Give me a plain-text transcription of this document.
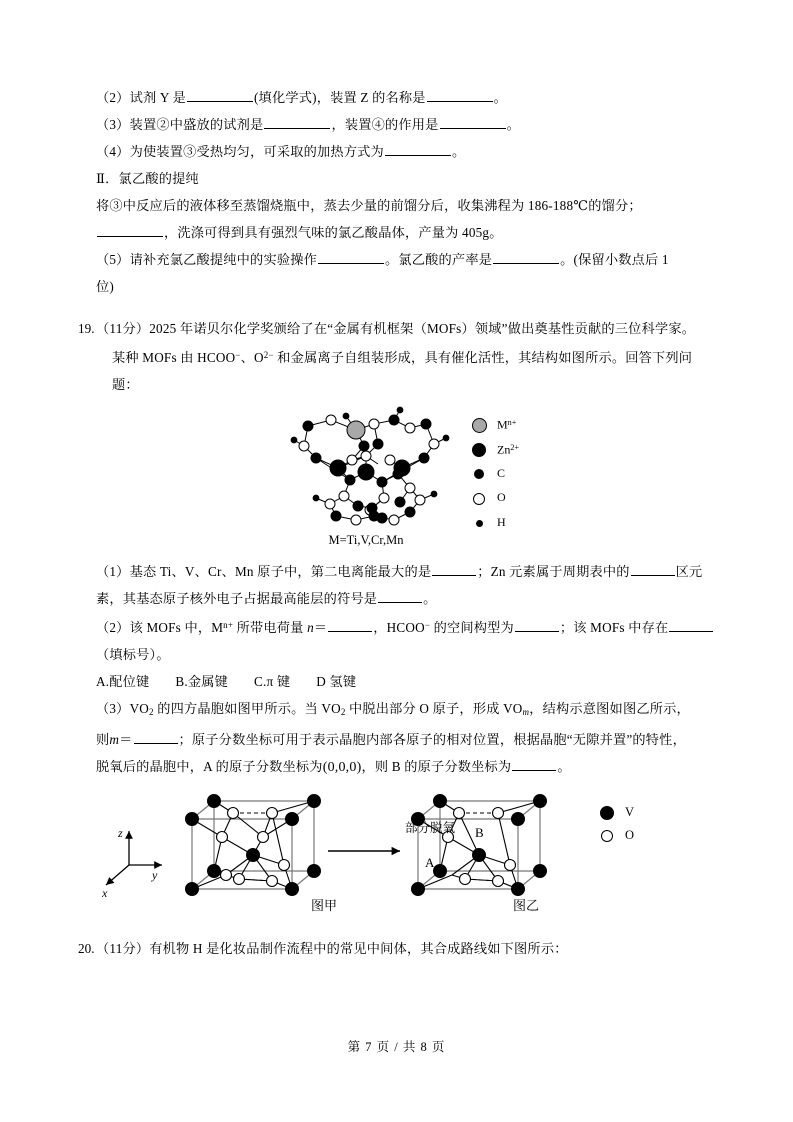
（2）试剂 Y 是	(填化学式)，装置 Z 的名称是	。

（3）装置②中盛放的试剂是	，装置④的作用是	。

（4）为使装置③受热均匀，可采取的加热方式为	。

Ⅱ．氯乙酸的提纯

将③中反应后的液体移至蒸馏烧瓶中，蒸去少量的前馏分后，收集沸程为 186-188℃的馏分；

，洗涤可得到具有强烈气味的氯乙酸晶体，产量为 405g。

（5）请补充氯乙酸提纯中的实验操作	。氯乙酸的产率是	。(保留小数点后 1

位)

19. （11分）2025 年诺贝尔化学奖颁给了在“金属有机框架（MOFs）领域”做出奠基性贡献的三位科学家。

某种 MOFs 由 HCOO−、$O^{2-}$ 和金属离子自组装形成，具有催化活性，其结构如图所示。回答下列问

题：

$M^{n+}$
$Zn^{2+}$
C
O
H
M=Ti,V,Cr,Mn

（1）基态 Ti、V、Cr、Mn 原子中，第二电离能最大的是	；Zn 元素属于周期表中的	区元

素，其基态原子核外电子占据最高能层的符号是	。

（2）该 MOFs 中，$M^{n+}$ 所带电荷量 n＝	，HCOO− 的空间构型为	；该 MOFs 中存在

（填标号）。

A.配位键 B.金属键 C.π 键 D 氢键

$(3)VO_2$ 的四方晶胞如图甲所示。当 $VO_2$ 中脱出部分 O 原子，形成 $VO_m$，结构示意图如图乙所示，

则m＝	；原子分数坐标可用于表示晶胞内部各原子的相对位置，根据晶胞“无隙并置”的特性，

脱氧后的晶胞中，A 的原子分数坐标为(0,0,0)，则 B 的原子分数坐标为	。

z
y
x
A
B
部分脱氧
V
O
图甲	图乙
20. （11分）有机物 H 是化妆品制作流程中的常见中间体，其合成路线如下图所示：

第 7 页 / 共 8 页
